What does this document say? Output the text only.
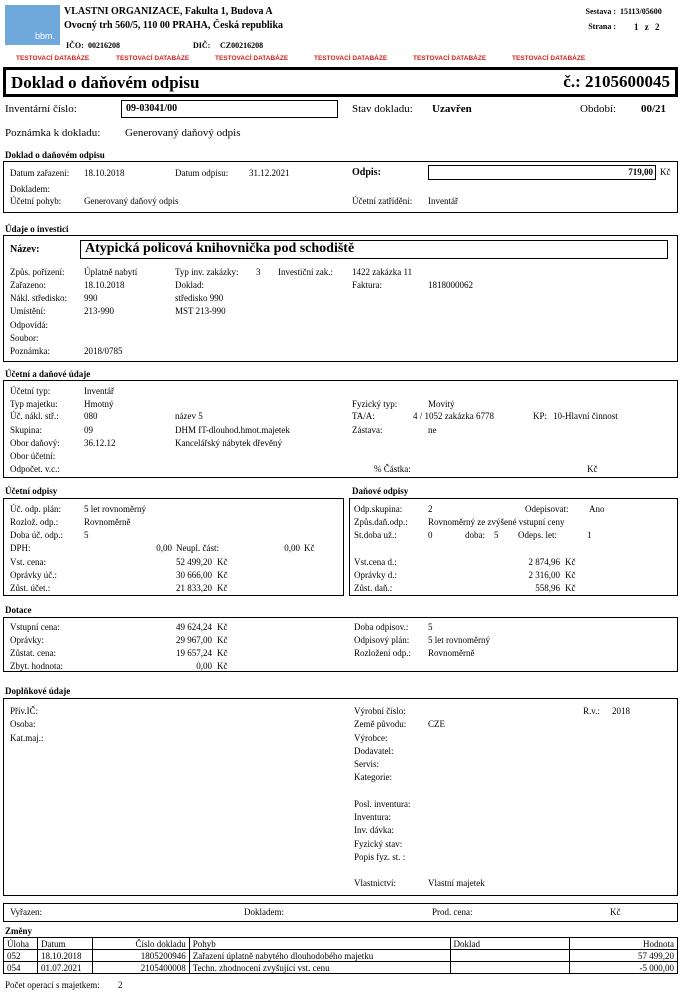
bbm.
VLASTNI ORGANIZACE, Fakulta 1, Budova A
Ovocný trh 560/5, 110 00 PRAHA, Česká republika
IČO: 00216208	DIČ: CZ00216208
Sestava : 15113/05600
Strana : 1 z 2
TESTOVACÍ DATABÁZE	TESTOVACÍ DATABÁZE	TESTOVACÍ DATABÁZE	TESTOVACÍ DATABÁZE	TESTOVACÍ DATABÁZE	TESTOVACÍ DATABÁZE
Doklad o daňovém odpisu	č.: 2105600045
Inventární číslo:	09-03041/00	Stav dokladu: Uzavřen	Období: 00/21
Poznámka k dokladu: Generovaný daňový odpis
Doklad o daňovém odpisu
Datum zařazení: 18.10.2018	Datum odpisu: 31.12.2021	Odpis:	719,00 Kč
Dokladem:
Účetní pohyb:	Generovaný daňový odpis	Účetní zatřídění: Inventář
Údaje o investici
Název:	Atypická policová knihovnička pod schodiště
Způs. pořízení: Úplatně nabytí	Typ inv. zakázky: 3 Investiční zak.: 1422 zakázka 11
Zařazeno:	18.10.2018	Doklad:	Faktura:	1818000062
Nákl. středisko: 990	středisko 990
Umístění:	213-990	MST 213-990
Odpovídá:
Soubor:
Poznámka:	2018/0785
Účetní a daňové údaje
Účetní typ:	Inventář
Typ majetku:	Hmotný	Fyzický typ:	Movitý
Úč. nákl. stř.:	080	název 5	TA/A:	4 / 1052 zakázka 6778	KP: 10-Hlavní činnost
Skupina:	09	DHM IT-dlouhod.hmot.majetek	Zástava:	ne
Obor daňový:	36.12.12	Kancelářský nábytek dřevěný
Obor účetní:
Odpočet. v.c.:	% Částka:	Kč
Účetní odpisy	Daňové odpisy
Úč. odp. plán:	5 let rovnoměrný
Rozlož. odp.:	Rovnoměrně
Doba úč. odp.: 5
DPH:	0,00 Neupl. část:	0,00 Kč
Vst. cena:	52 499,20 Kč
Oprávky úč.:	30 666,00 Kč
Zůst. účet.:	21 833,20 Kč
Odp.skupina:	2	Odepisovat: Ano
Způs.daň.odp.: Rovnoměrný ze zvýšené vstupní ceny
St.doba už.:	0	doba: 5 Odeps. let:	1
Vst.cena d.:	2 874,96 Kč
Oprávky d.:	2 316,00 Kč
Zůst. daň.:	558,96 Kč
Dotace
Vstupní cena:	49 624,24 Kč
Oprávky:	29 967,00 Kč
Zůstat. cena:	19 657,24 Kč
Zbyt. hodnota:	0,00 Kč
Doba odpisov.: 5
Odpisový plán: 5 let rovnoměrný
Rozložení odp.: Rovnoměrně
Doplňkové údaje
Přív.IČ:
Osoba:
Kat.maj.:
Výrobní číslo:	R.v.: 2018
Země původu: CZE
Výrobce:
Dodavatel:
Servis:
Kategorie:
Posl. inventura:
Inventura:
Inv. dávka:
Fyzický stav:
Popis fyz. st. :
Vlastnictví:	Vlastní majetek
Vyřazen:	Dokladem:	Prod. cena:	Kč
Změny
Úloha	Datum	Číslo dokladu	Pohyb	Doklad	Hodnota
052	18.10.2018	1805200946	Zařazení úplatně nabytého dlouhodobého majetku		57 499,20
054	01.07.2021	2105400008	Techn. zhodnocení zvyšující vst. cenu		-5 000,00
Počet operací s majetkem: 2
